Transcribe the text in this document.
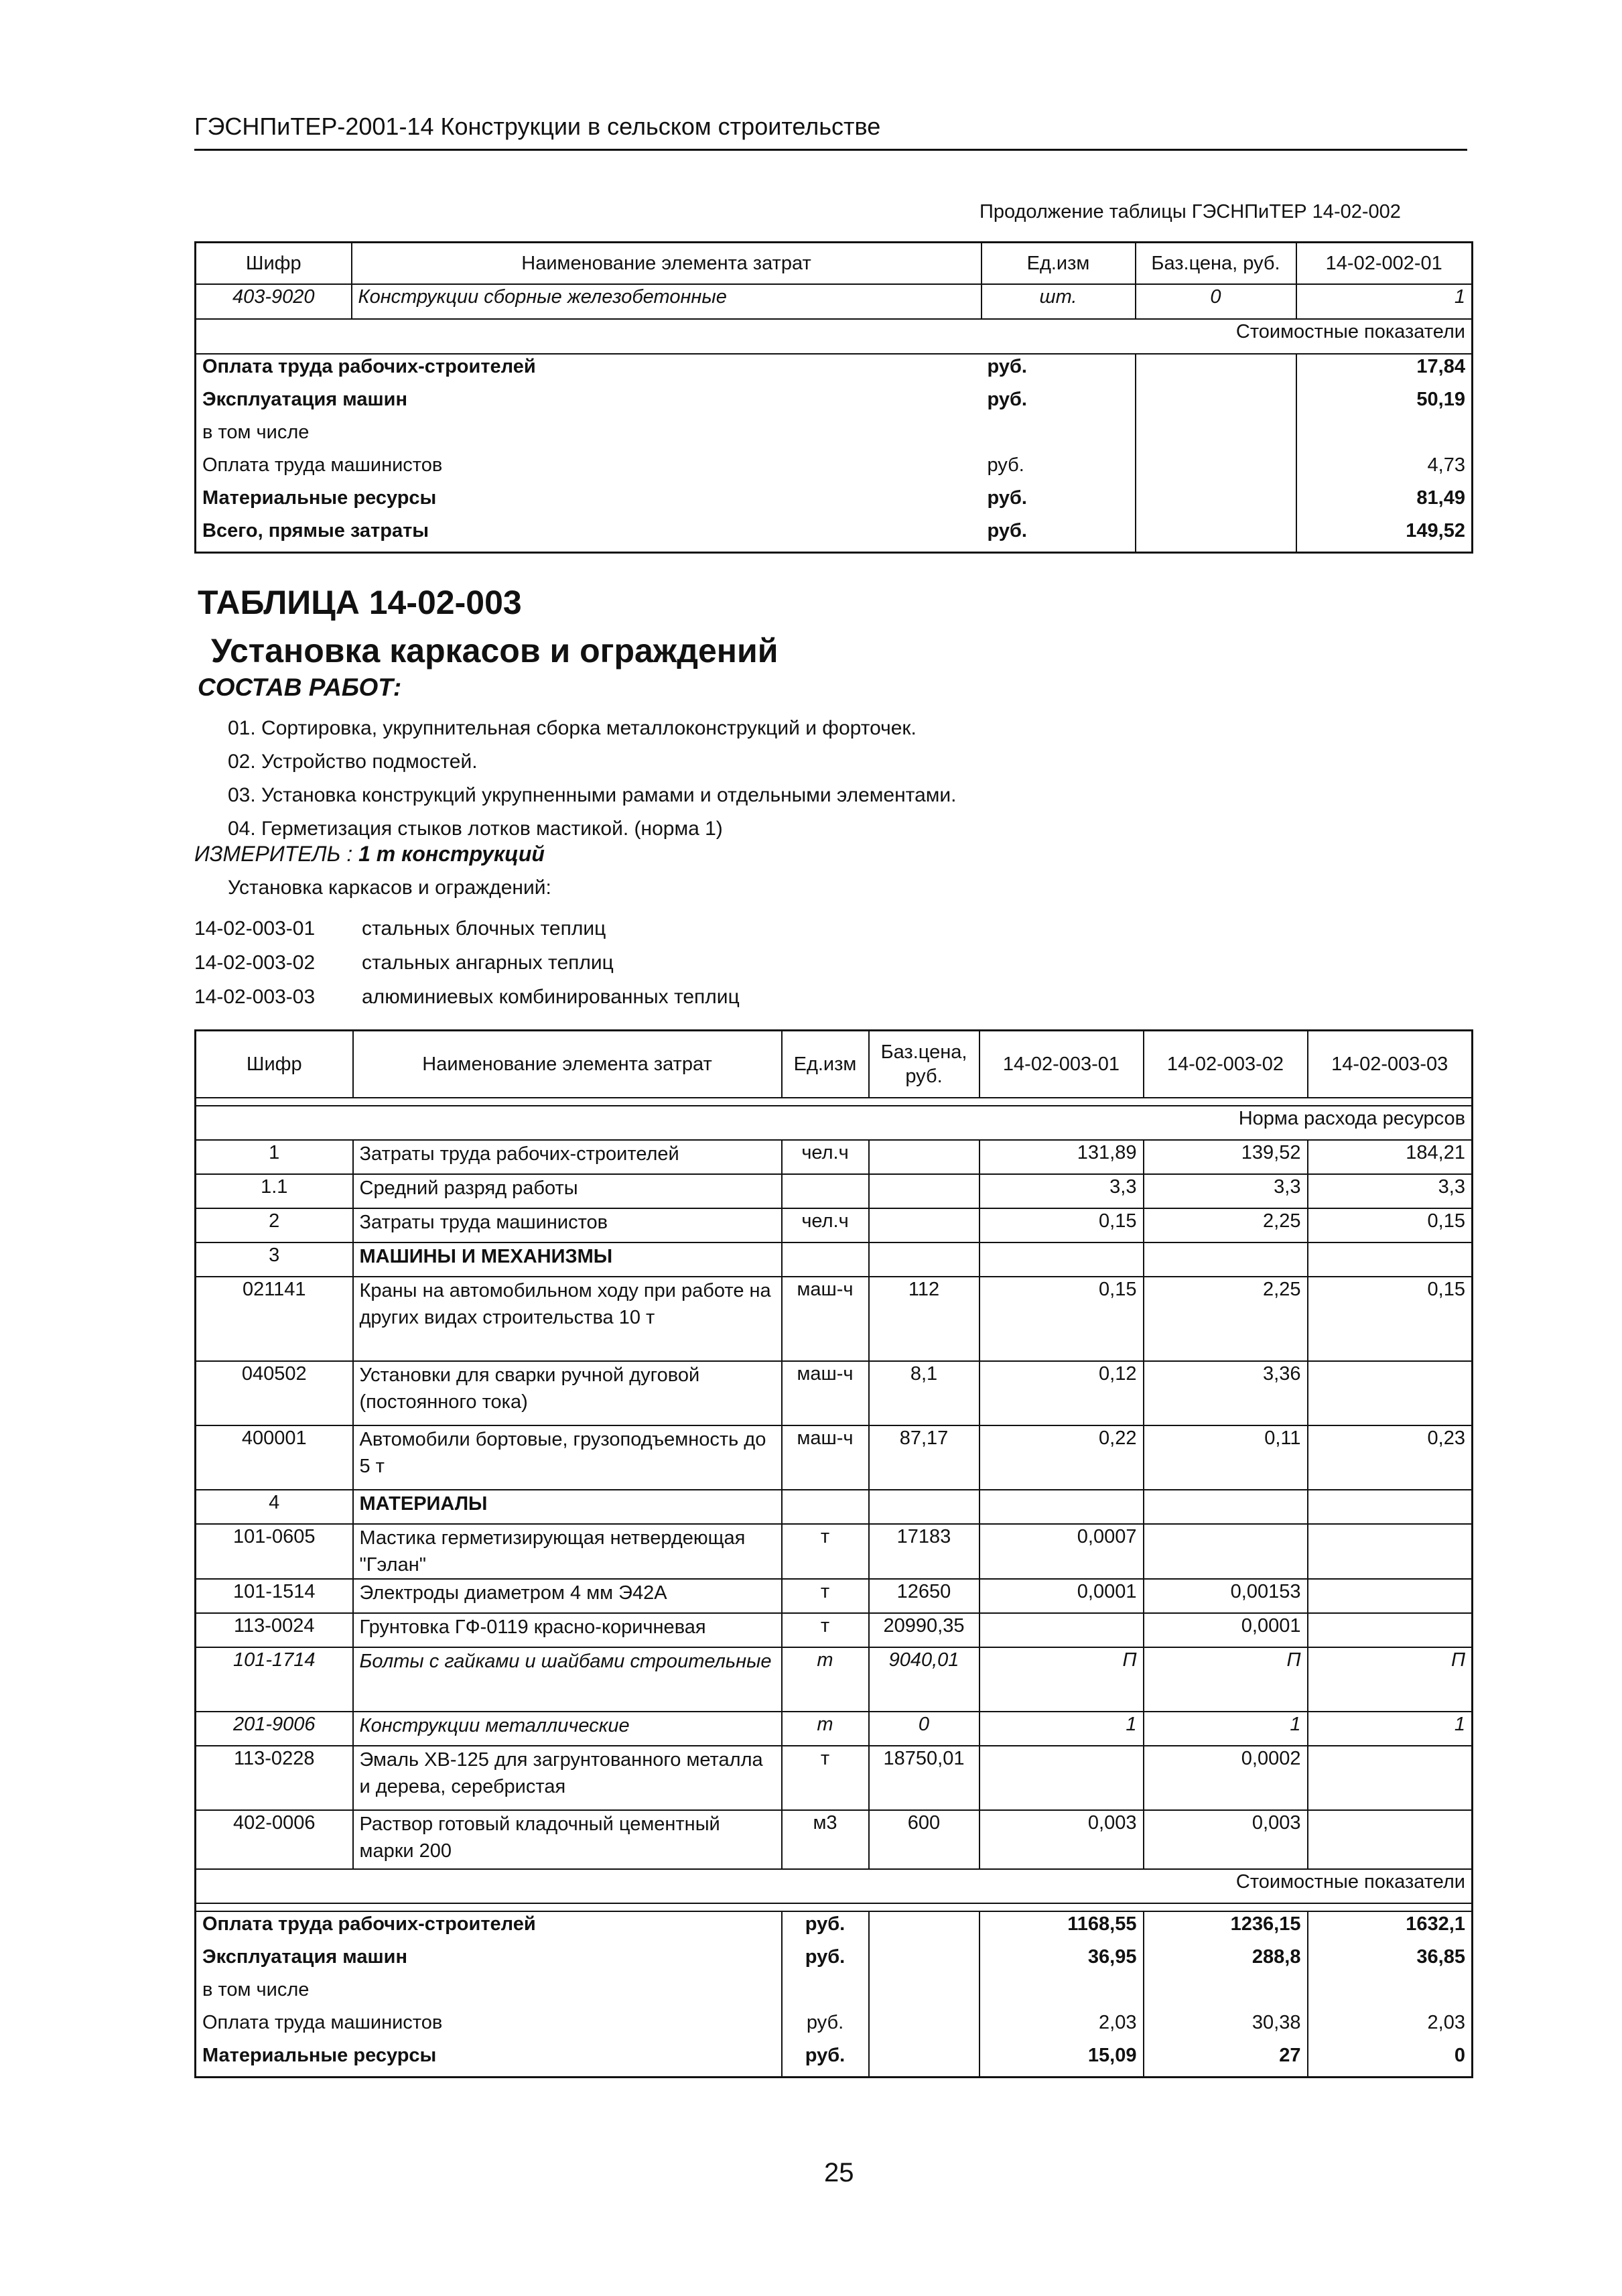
ГЭСНПиТЕР-2001-14 Конструкции в сельском строительстве
Продолжение таблицы ГЭСНПиТЕР 14-02-002
Шифр	Наименование элемента затрат	Ед.изм	Баз.цена, руб.	14-02-002-01
403-9020	Конструкции сборные железобетонные	шт.	0	1
Стоимостные показатели				
Оплата труда рабочих-строителей		руб.		17,84
Эксплуатация машин		руб.		50,19
в том числе				
Оплата труда машинистов		руб.		4,73
Материальные ресурсы		руб.		81,49
Всего, прямые затраты		руб.		149,52
ТАБЛИЦА 14-02-003
Установка каркасов и ограждений
СОСТАВ РАБОТ:
01. Сортировка, укрупнительная сборка металлоконструкций и форточек.
02. Устройство подмостей.
03. Установка конструкций укрупненными рамами и отдельными элементами.
04. Герметизация стыков лотков мастикой. (норма 1)
ИЗМЕРИТЕЛЬ : 1 т конструкций
Установка каркасов и ограждений:
14-02-003-01 стальных блочных теплиц
14-02-003-02 стальных ангарных теплиц
14-02-003-03 алюминиевых комбинированных теплиц
Шифр	Наименование элемента затрат	Ед.изм	Баз.цена, руб.	14-02-003-01	14-02-003-02	14-02-003-03

Норма расхода ресурсов						
1	Затраты труда рабочих-строителей	чел.ч		131,89	139,52	184,21
1.1	Средний разряд работы			3,3	3,3	3,3
2	Затраты труда машинистов	чел.ч		0,15	2,25	0,15
3	МАШИНЫ И МЕХАНИЗМЫ					
021141	Краны на автомобильном ходу при работе на других видах строительства 10 т	маш-ч	112	0,15	2,25	0,15
040502	Установки для сварки ручной дуговой (постоянного тока)	маш-ч	8,1	0,12	3,36	
400001	Автомобили бортовые, грузоподъемность до 5 т	маш-ч	87,17	0,22	0,11	0,23
4	МАТЕРИАЛЫ					
101-0605	Мастика герметизирующая нетвердеющая "Гэлан"	т	17183	0,0007		
101-1514	Электроды диаметром 4 мм Э42А	т	12650	0,0001	0,00153	
113-0024	Грунтовка ГФ-0119 красно-коричневая	т	20990,35		0,0001	
101-1714	Болты с гайками и шайбами строительные	т	9040,01	П	П	П
201-9006	Конструкции металлические	т	0	1	1	1
113-0228	Эмаль ХВ-125 для загрунтованного металла и дерева, серебристая	т	18750,01		0,0002	
402-0006	Раствор готовый кладочный цементный марки 200	м3	600	0,003	0,003	
Стоимостные показатели						

Оплата труда рабочих-строителей		руб.		1168,55	1236,15	1632,1
Эксплуатация машин		руб.		36,95	288,8	36,85
в том числе						
Оплата труда машинистов		руб.		2,03	30,38	2,03
Материальные ресурсы		руб.		15,09	27	0
25
